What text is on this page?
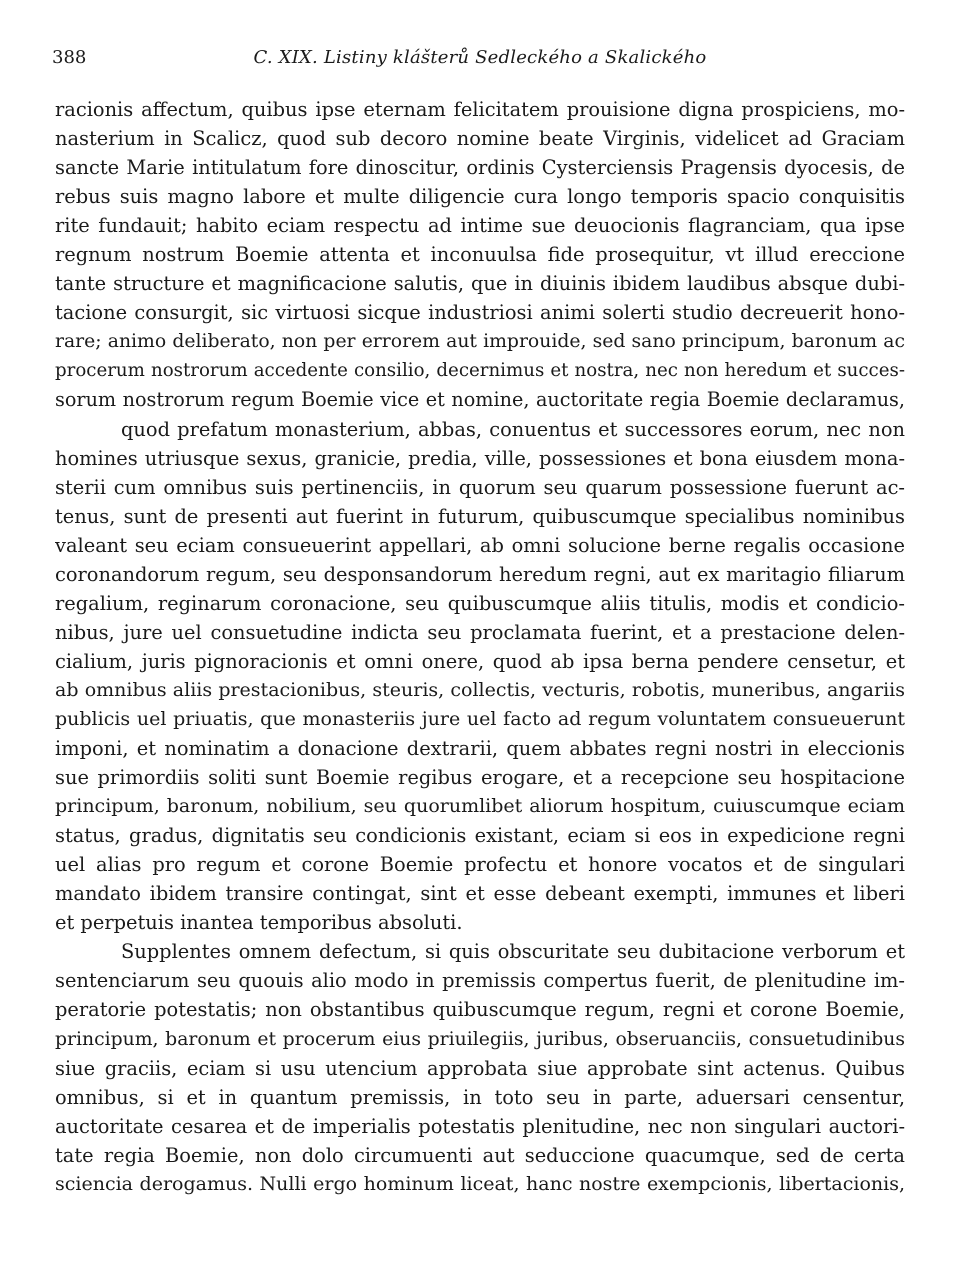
388	C. XIX. Listiny klášterů Sedleckého a Skalického
racionis affectum, quibus ipse eternam felicitatem prouisione digna prospiciens, mo-
nasterium in Scalicz, quod sub decoro nomine beate Virginis, videlicet ad Graciam
sancte Marie intitulatum fore dinoscitur, ordinis Cysterciensis Pragensis dyocesis, de
rebus suis magno labore et multe diligencie cura longo temporis spacio conquisitis
rite fundauit; habito eciam respectu ad intime sue deuocionis flagranciam, qua ipse
regnum nostrum Boemie attenta et inconuulsa fide prosequitur, vt illud ereccione
tante structure et magnificacione salutis, que in diuinis ibidem laudibus absque dubi-
tacione consurgit, sic virtuosi sicque industriosi animi solerti studio decreuerit hono-
rare; animo deliberato, non per errorem aut improuide, sed sano principum, baronum ac
procerum nostrorum accedente consilio, decernimus et nostra, nec non heredum et succes-
sorum nostrorum regum Boemie vice et nomine, auctoritate regia Boemie declaramus,
quod prefatum monasterium, abbas, conuentus et successores eorum, nec non
homines utriusque sexus, granicie, predia, ville, possessiones et bona eiusdem mona-
sterii cum omnibus suis pertinenciis, in quorum seu quarum possessione fuerunt ac-
tenus, sunt de presenti aut fuerint in futurum, quibuscumque specialibus nominibus
valeant seu eciam consueuerint appellari, ab omni solucione berne regalis occasione
coronandorum regum, seu desponsandorum heredum regni, aut ex maritagio filiarum
regalium, reginarum coronacione, seu quibuscumque aliis titulis, modis et condicio-
nibus, jure uel consuetudine indicta seu proclamata fuerint, et a prestacione delen-
cialium, juris pignoracionis et omni onere, quod ab ipsa berna pendere censetur, et
ab omnibus aliis prestacionibus, steuris, collectis, vecturis, robotis, muneribus, angariis
publicis uel priuatis, que monasteriis jure uel facto ad regum voluntatem consueuerunt
imponi, et nominatim a donacione dextrarii, quem abbates regni nostri in eleccionis
sue primordiis soliti sunt Boemie regibus erogare, et a recepcione seu hospitacione
principum, baronum, nobilium, seu quorumlibet aliorum hospitum, cuiuscumque eciam
status, gradus, dignitatis seu condicionis existant, eciam si eos in expedicione regni
uel alias pro regum et corone Boemie profectu et honore vocatos et de singulari
mandato ibidem transire contingat, sint et esse debeant exempti, immunes et liberi
et perpetuis inantea temporibus absoluti.
Supplentes omnem defectum, si quis obscuritate seu dubitacione verborum et
sentenciarum seu quouis alio modo in premissis compertus fuerit, de plenitudine im-
peratorie potestatis; non obstantibus quibuscumque regum, regni et corone Boemie,
principum, baronum et procerum eius priuilegiis, juribus, obseruanciis, consuetudinibus
siue graciis, eciam si usu utencium approbata siue approbate sint actenus. Quibus
omnibus, si et in quantum premissis, in toto seu in parte, aduersari censentur,
auctoritate cesarea et de imperialis potestatis plenitudine, nec non singulari auctori-
tate regia Boemie, non dolo circumuenti aut seduccione quacumque, sed de certa
sciencia derogamus. Nulli ergo hominum liceat, hanc nostre exempcionis, libertacionis,
